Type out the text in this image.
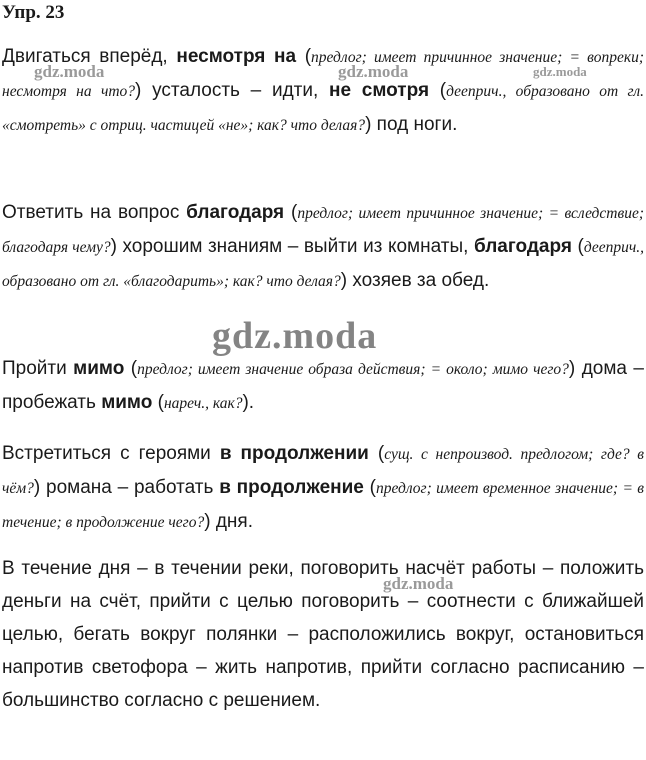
Упр. 23
Двигаться вперёд, несмотря на (предлог; имеет причинное значение; = вопреки; несмотря на что?) усталость – идти, не смотря (дееприч., образовано от гл. «смотреть» с отриц. частицей «не»; как? что делая?) под ноги.
Ответить на вопрос благодаря (предлог; имеет причинное значение; = вследствие; благодаря чему?) хорошим знаниям – выйти из комнаты, благодаря (дееприч., образовано от гл. «благодарить»; как? что делая?) хозяев за обед.
Пройти мимо (предлог; имеет значение образа действия; = около; мимо чего?) дома – пробежать мимо (нареч., как?).
Встретиться с героями в продолжении (сущ. с непроизвод. предлогом; где? в чём?) романа – работать в продолжение (предлог; имеет временное значение; = в течение; в продолжение чего?) дня.
В течение дня – в течении реки, поговорить насчёт работы – положить деньги на счёт, прийти с целью поговорить – соотнести с ближайшей целью, бегать вокруг полянки – расположились вокруг, остановиться напротив светофора – жить напротив, прийти согласно расписанию – большинство согласно с решением.
gdz.moda	gdz.moda	gdz.moda
gdz.moda
gdz.moda
